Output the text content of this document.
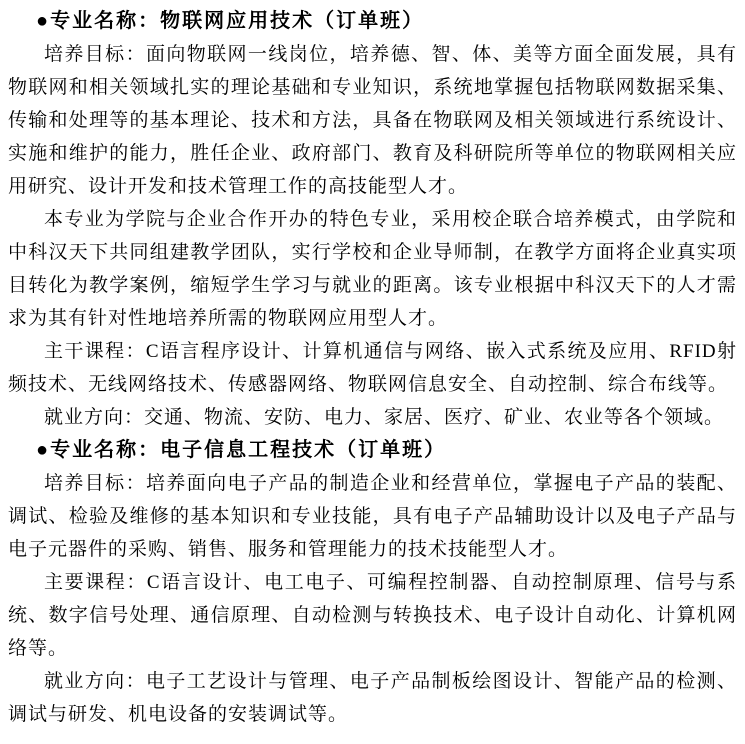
●专业名称：物联网应用技术（订单班）

培养目标：面向物联网一线岗位，培养德、智、体、美等方面全面发展，具有物联网和相关领域扎实的理论基础和专业知识，系统地掌握包括物联网数据采集、传输和处理等的基本理论、技术和方法，具备在物联网及相关领域进行系统设计、实施和维护的能力，胜任企业、政府部门、教育及科研院所等单位的物联网相关应用研究、设计开发和技术管理工作的高技能型人才。

本专业为学院与企业合作开办的特色专业，采用校企联合培养模式，由学院和中科汉天下共同组建教学团队，实行学校和企业导师制，在教学方面将企业真实项目转化为教学案例，缩短学生学习与就业的距离。该专业根据中科汉天下的人才需求为其有针对性地培养所需的物联网应用型人才。

主干课程：C语言程序设计、计算机通信与网络、嵌入式系统及应用、RFID射频技术、无线网络技术、传感器网络、物联网信息安全、自动控制、综合布线等。

就业方向：交通、物流、安防、电力、家居、医疗、矿业、农业等各个领域。

●专业名称：电子信息工程技术（订单班）

培养目标：培养面向电子产品的制造企业和经营单位，掌握电子产品的装配、调试、检验及维修的基本知识和专业技能，具有电子产品辅助设计以及电子产品与电子元器件的采购、销售、服务和管理能力的技术技能型人才。

主要课程：C语言设计、电工电子、可编程控制器、自动控制原理、信号与系统、数字信号处理、通信原理、自动检测与转换技术、电子设计自动化、计算机网络等。

就业方向：电子工艺设计与管理、电子产品制板绘图设计、智能产品的检测、调试与研发、机电设备的安装调试等。
